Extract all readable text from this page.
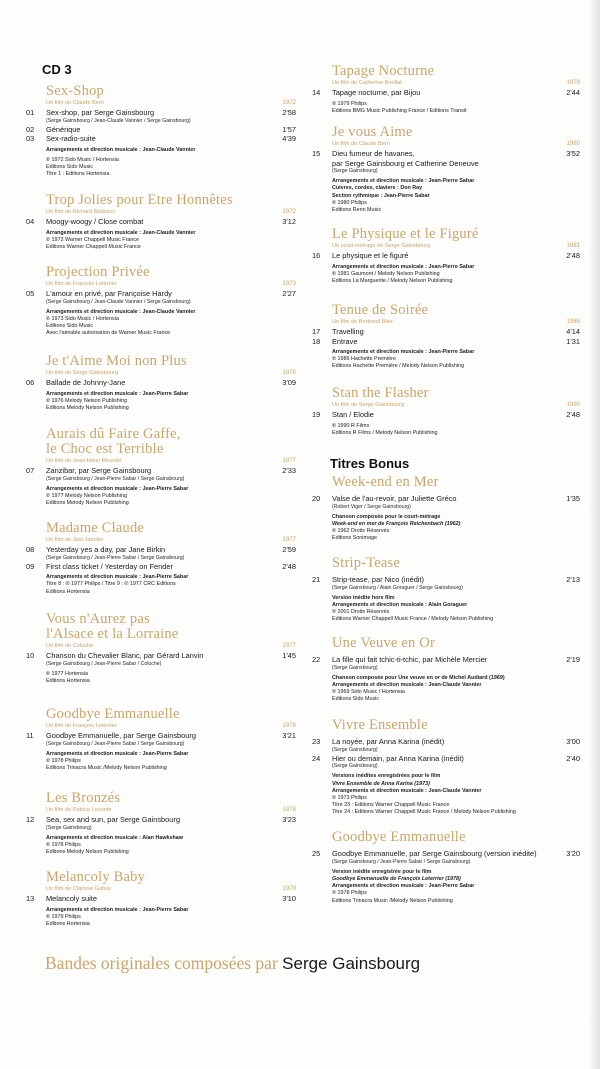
CD 3
Sex-Shop
Un film de Claude Berri	1972
01	Sex-shop, par Serge Gainsbourg	2'58
(Serge Gainsbourg / Jean-Claude Vannier / Serge Gainsbourg)
02	Générique	1'57
03	Sex-radio-suite	4'39
Arrangements et direction musicale : Jean-Claude Vannier
℗ 1972 Sido Music / Hortensia
Editions Sido Music
Titre 1 : Editions Hortensia
Trop Jolies pour Etre Honnêtes
Un film de Richard Balducci	1972
04	Moogy-woogy / Close combat	3'12
Arrangements et direction musicale : Jean-Claude Vannier
℗ 1972 Warner Chappell Music France
Editions Warner Chappell Music France
Projection Privée
Un film de François Leterrier	1973
05	L'amour en privé, par Françoise Hardy	2'27
(Serge Gainsbourg / Jean-Claude Vannier / Serge Gainsbourg)
Arrangements et direction musicale : Jean-Claude Vannier
℗ 1973 Sido Music / Hortensia
Editions Sido Music
Avec l'aimable autorisation de Warner Music France
Je t'Aime Moi non Plus
Un film de Serge Gainsbourg	1976
06	Ballade de Johnny-Jane	3'09
Arrangements et direction musicale : Jean-Pierre Sabar
℗ 1976 Melody Nelson Publishing
Editions Melody Nelson Publishing
Aurais dû Faire Gaffe,
le Choc est Terrible
Un film de Jean-Henri Meunier	1977
07	Zanzibar, par Serge Gainsbourg	2'33
(Serge Gainsbourg / Jean-Pierre Sabar / Serge Gainsbourg)
Arrangements et direction musicale : Jean-Pierre Sabar
℗ 1977 Melody Nelson Publishing
Editions Melody Nelson Publishing
Madame Claude
Un film de Just Jaeckin	1977
08	Yesterday yes a day, par Jane Birkin	2'59
(Serge Gainsbourg / Jean-Pierre Sabar / Serge Gainsbourg)
09	First class ticket / Yesterday on Fender	2'48
Arrangements et direction musicale : Jean-Pierre Sabar
Titre 8 : ℗ 1977 Philips / Titre 9 : ℗ 1977 CRC Editions
Editions Hortensia
Vous n'Aurez pas
l'Alsace et la Lorraine
Un film de Coluche	1977
10	Chanson du Chevalier Blanc, par Gérard Lanvin	1'45
(Serge Gainsbourg / Jean-Pierre Sabar / Coluche)
℗ 1977 Hortensia
Editions Hortensia
Goodbye Emmanuelle
Un film de François Leterrier	1978
11	Goodbye Emmanuelle, par Serge Gainsbourg	3'21
(Serge Gainsbourg / Jean-Pierre Sabar / Serge Gainsbourg)
Arrangements et direction musicale : Jean-Pierre Sabar
℗ 1978 Philips
Editions Trinacra Music /Melody Nelson Publishing
Les Bronzés
Un film de Patrice Leconte	1978
12	Sea, sex and sun, par Serge Gainsbourg	3'23
(Serge Gainsbourg)
Arrangements et direction musicale : Alan Hawkshaw
℗ 1978 Philips
Editions Melody Nelson Publishing
Melancoly Baby
Un film de Clarisse Gabus	1979
13	Melancoly suite	3'10
Arrangements et direction musicale : Jean-Pierre Sabar
℗ 1979 Philips
Editions Hortensia
Titres Bonus
Tapage Nocturne
Un film de Catherine Breillat	1979
14	Tapage nocturne, par Bijou	2'44
℗ 1979 Philips
Editions BMG Music Publishing France / Editions Transit
Je vous Aime
Un film de Claude Berri	1980
15	Dieu fumeur de havanes,	3'52
par Serge Gainsbourg et Catherine Deneuve
(Serge Gainsbourg)
Arrangements et direction musicale : Jean-Pierre Sabar
Cuivres, cordes, claviers : Don Ray
Section rythmique : Jean-Pierre Sabar
℗ 1980 Philips
Editions Renn Music
Le Physique et le Figuré
Un court-métrage de Serge Gainsbourg	1981
16	Le physique et le figuré	2'48
Arrangements et direction musicale : Jean-Pierre Sabar
℗ 1981 Gaumont / Melody Nelson Publishing
Editions La Marguerite / Melody Nelson Publishing
Tenue de Soirée
Un film de Bertrand Blier	1986
17	Travelling	4'14
18	Entrave	1'31
Arrangements et direction musicale : Jean-Pierre Sabar
℗ 1986 Hachette Première
Editions Hachette Première / Melody Nelson Publishing
Stan the Flasher
Un film de Serge Gainsbourg	1990
19	Stan / Elodie	2'48
℗ 1990 R Films
Editions R Films / Melody Nelson Publishing
Week-end en Mer
20	Valse de l'au-revoir, par Juliette Gréco	1'35
(Robert Viger / Serge Gainsbourg)
Chanson composée pour le court-métrage
Week-end en mer de François Reichenbach (1962)
℗ 1962 Droits Réservés
Editions Sonimage
Strip-Tease
21	Strip-tease, par Nico (inédit)	2'13
(Serge Gainsbourg / Alain Goraguer / Serge Gainsbourg)
Version inédite hors film
Arrangements et direction musicale : Alain Goraguer
℗ 2001 Droits Réservés
Editions Warner Chappell Music France / Melody Nelson Publishing
Une Veuve en Or
22	La fille qui fait tchic-ti-tchic, par Michèle Mercier	2'19
(Serge Gainsbourg)
Chanson composée pour Une veuve en or de Michel Audiard (1969)
Arrangements et direction musicale : Jean-Claude Vannier
℗ 1969 Sido Music / Hortensia
Editions Sido Music
Vivre Ensemble
23	La noyée, par Anna Karina (inédit)	3'00
(Serge Gainsbourg)
24	Hier ou demain, par Anna Karina (inédit)	2'40
(Serge Gainsbourg)
Versions inédites enregistrées pour le film
Vivre Ensemble de Anna Karina (1973)
Arrangements et direction musicale : Jean-Claude Vannier
℗ 1973 Philips
Titre 23 : Editions Warner Chappell Music France
Titre 24 : Editions Warner Chappell Music France / Melody Nelson Publishing
Goodbye Emmanuelle
25	Goodbye Emmanuelle, par Serge Gainsbourg (version inédite)	3'20
(Serge Gainsbourg / Jean-Pierre Sabar / Serge Gainsbourg)
Version inédite enregistrée pour le film
Goodbye Emmanuelle de François Leterrier (1978)
Arrangements et direction musicale : Jean-Pierre Sabar
℗ 1978 Philips
Editions Trinacra Music /Melody Nelson Publishing
Bandes originales composées par Serge Gainsbourg
